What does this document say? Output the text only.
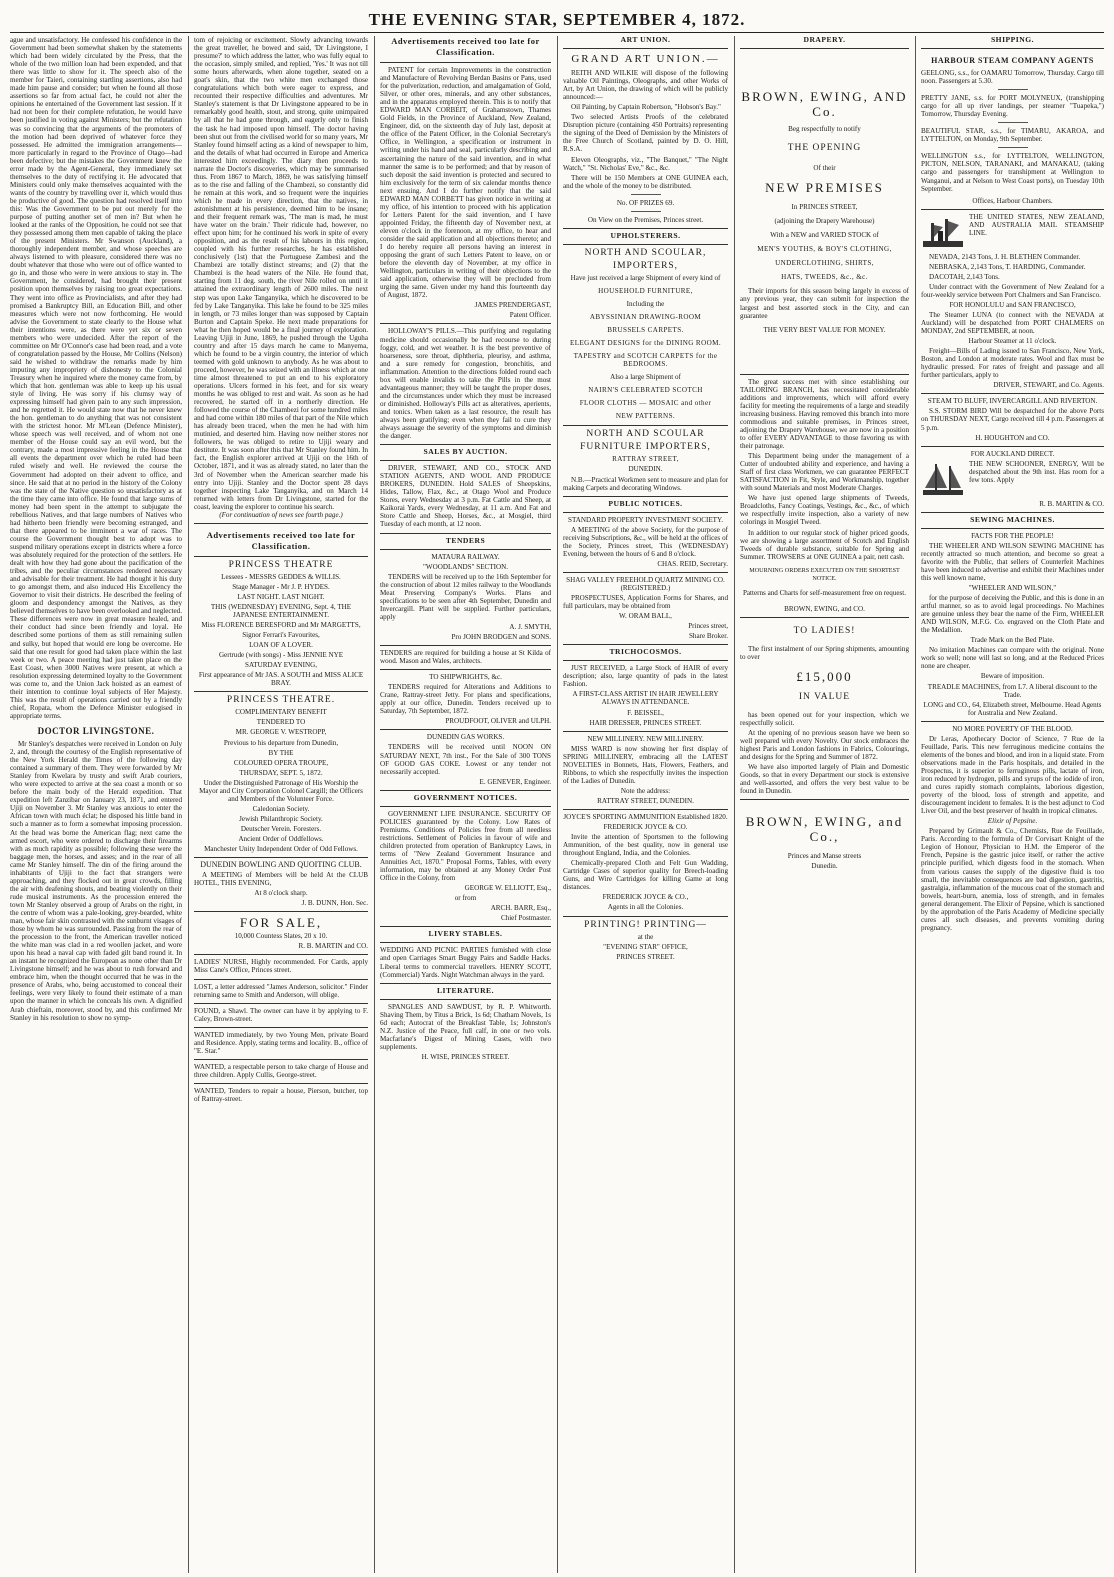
THE EVENING STAR, SEPTEMBER 4, 1872.

ague and unsatisfactory. He confessed his confidence in the Government had been somewhat shaken by the statements which had been widely circulated by the Press, that the whole of the two million loan had been expended, and that there was little to show for it. The speech also of the member for Taieri, containing startling assertions, also had made him pause and consider; but when he found all those assertions so far from actual fact, he could not alter the opinions he entertained of the Government last session. If it had not been for their complete refutation, he would have been justified in voting against Ministers; but the refutation was so convincing that the arguments of the promoters of the motion had been deprived of whatever force they possessed. He admitted the immigration arrangements—more particularly in regard to the Province of Otago—had been defective; but the mistakes the Government knew the error made by the Agent-General, they immediately set themselves to the duty of rectifying it. He advocated that Ministers could only make themselves acquainted with the wants of the country by travelling over it, which would thus be productive of good. The question had resolved itself into this: Was the Government to be put out merely for the purpose of putting another set of men in? But when he looked at the ranks of the Opposition, he could not see that they possessed among them men capable of taking the place of the present Ministers. Mr Swanson (Auckland), a thoroughly independent member, and whose speeches are always listened to with pleasure, considered there was no doubt whatever that those who were out of office wanted to go in, and those who were in were anxious to stay in. The Government, he considered, had brought their present position upon themselves by raising too great expectations. They went into office as Provincialists, and after they had promised a Bankruptcy Bill, an Education Bill, and other measures which were not now forthcoming. He would advise the Government to state clearly to the House what their intentions were, as there were yet six or seven members who were undecided. After the report of the committee on Mr O'Connor's case had been read, and a vote of congratulation passed by the House, Mr Collins (Nelson) said he wished to withdraw the remarks made by him imputing any impropriety of dishonesty to the Colonial Treasury when he inquired where the money came from, by which that hon. gentleman was able to keep up his usual style of living. He was sorry if his clumsy way of expressing himself had given pain to any such impression, and he regretted it. He would state now that he never knew the hon. gentleman to do anything that was not consistent with the strictest honor. Mr M'Lean (Defence Minister), whose speech was well received, and of whom not one member of the House could say an evil word, but the contrary, made a most impressive feeling in the House that all events the department over which he ruled had been ruled wisely and well. He reviewed the course the Government had adopted on their advent to office, and since. He said that at no period in the history of the Colony was the state of the Native question so unsatisfactory as at the time they came into office. He found that large sums of money had been spent in the attempt to subjugate the rebellious Natives, and that large numbers of Natives who had hitherto been friendly were becoming estranged, and that there appeared to be imminent a war of races. The course the Government thought best to adopt was to suspend military operations except in districts where a force was absolutely required for the protection of the settlers. He dealt with how they had gone about the pacification of the tribes, and the peculiar circumstances rendered necessary and advisable for their treatment. He had thought it his duty to go amongst them, and also induced His Excellency the Governor to visit their districts. He described the feeling of gloom and despondency amongst the Natives, as they believed themselves to have been overlooked and neglected. These differences were now in great measure healed, and their conduct had since been friendly and loyal. He described some portions of them as still remaining sullen and sulky, but hoped that would ere long be overcome. He said that one result for good had taken place within the last week or two. A peace meeting had just taken place on the East Coast, when 3000 Natives were present, at which a resolution expressing determined loyalty to the Government was come to, and the Union Jack hoisted as an earnest of their intention to continue loyal subjects of Her Majesty. This was the result of operations carried out by a friendly chief, Ropata, whom the Defence Minister eulogised in appropriate terms.

DOCTOR LIVINGSTONE.

Mr Stanley's despatches were received in London on July 2, and, through the courtesy of the English representative of the New York Herald the Times of the following day contained a summary of them. They were forwarded by Mr Stanley from Kwelara by trusty and swift Arab couriers, who were expected to arrive at the sea coast a month or so before the main body of the Herald expedition. That expedition left Zanzibar on January 23, 1871, and entered Ujiji on November 3. Mr Stanley was anxious to enter the African town with much éclat; he disposed his little band in such a manner as to form a somewhat imposing procession. At the head was borne the American flag; next came the armed escort, who were ordered to discharge their firearms with as much rapidity as possible; following these were the baggage men, the horses, and asses; and in the rear of all came Mr Stanley himself. The din of the firing around the inhabitants of Ujiji to the fact that strangers were approaching, and they flocked out in great crowds, filling the air with deafening shouts, and beating violently on their rude musical instruments. As the procession entered the town Mr Stanley observed a group of Arabs on the right, in the centre of whom was a pale-looking, grey-bearded, white man, whose fair skin contrasted with the sunburnt visages of those by whom he was surrounded. Passing from the rear of the procession to the front, the American traveller noticed the white man was clad in a red woollen jacket, and wore upon his head a naval cap with faded gilt band round it. In an instant he recognized the European as none other than Dr Livingstone himself; and he was about to rush forward and embrace him, when the thought occurred that he was in the presence of Arabs, who, being accustomed to conceal their feelings, were very likely to found their estimate of a man upon the manner in which he conceals his own. A dignified Arab chieftain, moreover, stood by, and this confirmed Mr Stanley in his resolution to show no symp-

tom of rejoicing or excitement. Slowly advancing towards the great traveller, he bowed and said, 'Dr Livingstone, I presume?' to which address the latter, who was fully equal to the occasion, simply smiled, and replied, 'Yes.' It was not till some hours afterwards, when alone together, seated on a goat's skin, that the two white men exchanged those congratulations which both were eager to express, and recounted their respective difficulties and adventures. Mr Stanley's statement is that Dr Livingstone appeared to be in remarkably good health, stout, and strong, quite unimpaired by all that he had gone through, and eagerly only to finish the task he had imposed upon himself. The doctor having been shut out from the civilised world for so many years, Mr Stanley found himself acting as a kind of newspaper to him, and the details of what had occurred in Europe and America interested him exceedingly. The diary then proceeds to narrate the Doctor's discoveries, which may be summarised thus. From 1867 to March, 1869, he was satisfying himself as to the rise and falling of the Chambezi, so constantly did he remain at this work, and so frequent were the inquiries which he made in every direction, that the natives, in astonishment at his persistence, deemed him to be insane; and their frequent remark was, 'The man is mad, he must have water on the brain.' Their ridicule had, however, no effect upon him; for he continued his work in spite of every opposition, and as the result of his labours in this region, coupled with his further researches, he has established conclusively (1st) that the Portuguese Zambesi and the Chambezi are totally distinct streams; and (2) that the Chambezi is the head waters of the Nile. He found that, starting from 11 deg. south, the river Nile rolled on until it attained the extraordinary length of 2600 miles. The next step was upon Lake Tanganyika, which he discovered to be fed by Lake Tanganyika. This lake he found to be 325 miles in length, or 73 miles longer than was supposed by Captain Burton and Captain Speke. He next made preparations for what he then hoped would be a final journey of exploration. Leaving Ujiji in June, 1869, he pushed through the Uguha country and after 15 days march he came to Manyema, which he found to be a virgin country, the interior of which teemed with gold unknown to anybody. As he was about to proceed, however, he was seized with an illness which at one time almost threatened to put an end to his exploratory operations. Ulcers formed in his feet, and for six weary months he was obliged to rest and wait. As soon as he had recovered, he started off in a northerly direction. He followed the course of the Chambezi for some hundred miles and had come within 180 miles of that part of the Nile which has already been traced, when the men he had with him mutinied, and deserted him. Having now neither stores nor followers, he was obliged to retire to Ujiji weary and destitute. It was soon after this that Mr Stanley found him. In fact, the English explorer arrived at Ujiji on the 16th of October, 1871, and it was as already stated, no later than the 3rd of November when the American searcher made his entry into Ujiji. Stanley and the Doctor spent 28 days together inspecting Lake Tanganyika, and on March 14 returned with letters from Dr Livingstone, started for the coast, leaving the explorer to continue his search.

(For continuation of news see fourth page.)
Advertisements received too late for Classification.

PRINCESS THEATRE

Lessees - MESSRS GEDDES & WILLIS.

Stage Manager - Mr J. P. HYDES.

LAST NIGHT. LAST NIGHT.

THIS (WEDNESDAY) EVENING, Sept. 4, THE JAPANESE ENTERTAINMENT.

Miss FLORENCE BERESFORD and Mr MARGETTS,

Signor Ferrari's Favourites,

LOAN OF A LOVER.

Gertrude (with songs) - Miss JENNIE NYE

SATURDAY EVENING,

First appearance of Mr JAS. A SOUTH and MISS ALICE BRAY.

PRINCESS THEATRE.

COMPLIMENTARY BENEFIT

TENDERED TO

MR. GEORGE V. WESTROPP,

Previous to his departure from Dunedin,

BY THE

COLOURED OPERA TROUPE,

THURSDAY, SEPT. 5, 1872.

Under the Distinguished Patronage of His Worship the Mayor and City Corporation Colonel Cargill; the Officers and Members of the Volunteer Force.

Caledonian Society.

Jewish Philanthropic Society.

Deutscher Verein. Foresters.

Ancient Order of Oddfellows.

Manchester Unity Independent Order of Odd Fellows.

DUNEDIN BOWLING AND QUOITING CLUB.

A MEETING of Members will be held At the CLUB HOTEL, THIS EVENING,

At 8 o'clock sharp.

J. B. DUNN, Hon. Sec.

FOR SALE,

10,000 Countess Slates, 20 x 10.

R. B. MARTIN and CO.

LADIES' NURSE, Highly recommended. For Cards, apply Miss Cane's Office, Princes street.
LOST, a letter addressed "James Anderson, solicitor." Finder returning same to Smith and Anderson, will oblige.
FOUND, a Shawl. The owner can have it by applying to F. Caley, Brown-street.
WANTED immediately, by two Young Men, private Board and Residence. Apply, stating terms and locality. B., office of "E. Star."
WANTED, a respectable person to take charge of House and three children. Apply Cullis, George-street.
WANTED, Tenders to repair a house, Pierson, butcher, top of Rattray-street.
Advertisements received too late for Classification.

PATENT for certain Improvements in the construction and Manufacture of Revolving Berdan Basins or Pans, used for the pulverization, reduction, and amalgamation of Gold, Silver, or other ores, minerals, and any other substances, and in the apparatus employed therein. This is to notify that EDWARD MAN CORBEIT, of Grahamstown, Thames Gold Fields, in the Province of Auckland, New Zealand, Engineer, did, on the sixteenth day of July last, deposit at the office of the Patent Officer, in the Colonial Secretary's Office, in Wellington, a specification or instrument in writing under his hand and seal, particularly describing and ascertaining the nature of the said invention, and in what manner the same is to be performed; and that by reason of such deposit the said invention is protected and secured to him exclusively for the term of six calendar months thence next ensuing. And I do further notify that the said EDWARD MAN CORBETT has given notice in writing at my office, of his intention to proceed with his application for Letters Patent for the said invention, and I have appointed Friday, the fifteenth day of November next, at eleven o'clock in the forenoon, at my office, to hear and consider the said application and all objections thereto; and I do hereby require all persons having an interest in opposing the grant of such Letters Patent to leave, on or before the eleventh day of November, at my office in Wellington, particulars in writing of their objections to the said application, otherwise they will be precluded from urging the same. Given under my hand this fourteenth day of August, 1872.

JAMES PRENDERGAST,

Patent Officer.

HOLLOWAY'S PILLS.—This purifying and regulating medicine should occasionally be had recourse to during foggy, cold, and wet weather. It is the best preventive of hoarseness, sore throat, diphtheria, pleurisy, and asthma, and a sure remedy for congestion, bronchitis, and inflammation. Attention to the directions folded round each box will enable invalids to take the Pills in the most advantageous manner; they will be taught the proper doses, and the circumstances under which they must be increased or diminished. Holloway's Pills act as alteratives, aperients, and tonics. When taken as a last resource, the result has always been gratifying; even when they fail to cure they always assuage the severity of the symptoms and diminish the danger.

SALES BY AUCTION.

DRIVER, STEWART, AND CO., STOCK AND STATION AGENTS, AND WOOL AND PRODUCE BROKERS, DUNEDIN. Hold SALES of Sheepskins, Hides, Tallow, Flax, &c., at Otago Wool and Produce Stores, every Wednesday at 3 p.m. Fat Cattle and Sheep, at Kaikorai Yards, every Wednesday, at 11 a.m. And Fat and Store Cattle and Sheep, Horses, &c., at Mosgiel, third Tuesday of each month, at 12 noon.

TENDERS

MATAURA RAILWAY.

"WOODLANDS" SECTION.

TENDERS will be received up to the 16th September for the construction of about 12 miles railway to the Woodlands Meat Preserving Company's Works. Plans and specifications to be seen after 4th September, Dunedin and Invercargill. Plant will be supplied. Further particulars, apply

A. J. SMYTH,

Pro JOHN BRODGEN and SONS.

TENDERS are required for building a house at St Kilda of wood. Mason and Wales, architects.

TO SHIPWRIGHTS, &c.

TENDERS required for Alterations and Additions to Crane, Rattray-street Jetty. For plans and specifications, apply at our office, Dunedin. Tenders received up to Saturday, 7th September, 1872.

PROUDFOOT, OLIVER and ULPH.

DUNEDIN GAS WORKS.

TENDERS will be received until NOON ON SATURDAY NEXT, 7th inst., For the Sale of 300 TONS OF GOOD GAS COKE. Lowest or any tender not necessarily accepted.

E. GENEVER, Engineer.

GOVERNMENT NOTICES.

GOVERNMENT LIFE INSURANCE. SECURITY OF POLICIES guaranteed by the Colony. Low Rates of Premiums. Conditions of Policies free from all needless restrictions. Settlement of Policies in favour of wife and children protected from operation of Bankruptcy Laws, in terms of "New Zealand Government Insurance and Annuities Act, 1870." Proposal Forms, Tables, with every information, may be obtained at any Money Order Post Office in the Colony, from

GEORGE W. ELLIOTT, Esq.,

or from

ARCH. BARR, Esq.,

Chief Postmaster.

LIVERY STABLES.
WEDDING AND PICNIC PARTIES furnished with close and open Carriages Smart Buggy Pairs and Saddle Hacks. Liberal terms to commercial travellers. HENRY SCOTT, (Commercial) Yards. Night Watchman always in the yard.
LITERATURE.

SPANGLES AND SAWDUST, by R. P. Whitworth. Shaving Them, by Titus a Brick, 1s 6d; Chatham Novels, 1s 6d each; Autocrat of the Breakfast Table, 1s; Johnston's N.Z. Justice of the Peace, full calf, in one or two vols. Macfarlane's Digest of Mining Cases, with two supplements.

H. WISE, PRINCES STREET.

ART UNION.

GRAND ART UNION.—

REITH AND WILKIE will dispose of the following valuable Oil Paintings, Oleographs, and other Works of Art, by Art Union, the drawing of which will be publicly announced:—

Oil Painting, by Captain Robertson, "Hobson's Bay."

Two selected Artists Proofs of the celebrated Disruption picture (containing 450 Portraits) representing the signing of the Deed of Demission by the Ministers of the Free Church of Scotland, painted by D. O. Hill, R.S.A.

Eleven Oleographs, viz., "The Banquet," "The Night Watch," "St. Nicholas' Eve," &c., &c.

There will be 150 Members at ONE GUINEA each, and the whole of the money to be distributed.

No. OF PRIZES 69.

On View on the Premises, Princes street.

UPHOLSTERERS.

NORTH AND SCOULAR,

IMPORTERS,

Have just received a large Shipment of every kind of

HOUSEHOLD FURNITURE,

Including the

ABYSSINIAN DRAWING-ROOM

BRUSSELS CARPETS.

ELEGANT DESIGNS for the DINING ROOM.

TAPESTRY and SCOTCH CARPETS for the BEDROOMS.

Also a large Shipment of

NAIRN'S CELEBRATED SCOTCH

FLOOR CLOTHS — MOSAIC and other

NEW PATTERNS.

NORTH AND SCOULAR

FURNITURE IMPORTERS,

RATTRAY STREET,

DUNEDIN.

N.B.—Practical Workmen sent to measure and plan for making Carpets and decorating Windows.

PUBLIC NOTICES.

STANDARD PROPERTY INVESTMENT SOCIETY.

A MEETING of the above Society, for the purpose of receiving Subscriptions, &c., will be held at the offices of the Society, Princes street, This (WEDNESDAY) Evening, between the hours of 6 and 8 o'clock.

CHAS. REID, Secretary.

SHAG VALLEY FREEHOLD QUARTZ MINING CO. (REGISTERED.)

PROSPECTUSES, Application Forms for Shares, and full particulars, may be obtained from

W. ORAM BALL,

Princes street,

Share Broker.

TRICHOCOSMOS.

JUST RECEIVED, a Large Stock of HAIR of every description; also, large quantity of pads in the latest Fashion.

A FIRST-CLASS ARTIST IN HAIR JEWELLERY ALWAYS IN ATTENDANCE.

F. BEISSEL,

HAIR DRESSER, PRINCES STREET.

NEW MILLINERY. NEW MILLINERY.

MISS WARD is now showing her first display of SPRING MILLINERY, embracing all the LATEST NOVELTIES in Bonnets, Hats, Flowers, Feathers, and Ribbons, to which she respectfully invites the inspection of the Ladies of Dunedin.

Note the address:

RATTRAY STREET, DUNEDIN.

JOYCE'S SPORTING AMMUNITION Established 1820.

FREDERICK JOYCE & CO.

Invite the attention of Sportsmen to the following Ammunition, of the best quality, now in general use throughout England, India, and the Colonies.

Chemically-prepared Cloth and Felt Gun Wadding, Cartridge Cases of superior quality for Breech-loading Guns, and Wire Cartridges for killing Game at long distances.

FREDERICK JOYCE & CO.,

Agents in all the Colonies.

PRINTING! PRINTING—

at the

"EVENING STAR" OFFICE,

PRINCES STREET.

DRAPERY.

BROWN, EWING, AND Co.

Beg respectfully to notify

THE OPENING

Of their

NEW PREMISES

In PRINCES STREET,

(adjoining the Drapery Warehouse)

With a NEW and VARIED STOCK of

MEN'S YOUTHS, & BOY'S CLOTHING,

UNDERCLOTHING, SHIRTS,

HATS, TWEEDS, &c., &c.

Their imports for this season being largely in excess of any previous year, they can submit for inspection the largest and best assorted stock in the City, and can guarantee

THE VERY BEST VALUE FOR MONEY.

The great success met with since establishing our TAILORING BRANCH, has necessitated considerable additions and improvements, which will afford every facility for meeting the requirements of a large and steadily increasing business. Having removed this branch into more commodious and suitable premises, in Princes street, adjoining the Drapery Warehouse, we are now in a position to offer EVERY ADVANTAGE to those favoring us with their patronage.

This Department being under the management of a Cutter of undoubted ability and experience, and having a Staff of first class Workmen, we can guarantee PERFECT SATISFACTION in Fit, Style, and Workmanship, together with sound Materials and most Moderate Charges.

We have just opened large shipments of Tweeds, Broadcloths, Fancy Coatings, Vestings, &c., &c., of which we respectfully invite inspection, also a variety of new colorings in Mosgiel Tweed.

In addition to our regular stock of higher priced goods, we are showing a large assortment of Scotch and English Tweeds of durable substance, suitable for Spring and Summer. TROWSERS at ONE GUINEA a pair, nett cash.

MOURNING ORDERS EXECUTED ON THE SHORTEST NOTICE.

Patterns and Charts for self-measurement free on request.

BROWN, EWING, and CO.

TO LADIES!

The first instalment of our Spring shipments, amounting to over

£15,000

IN VALUE

has been opened out for your inspection, which we respectfully solicit.

At the opening of no previous season have we been so well prepared with every Novelty. Our stock embraces the highest Paris and London fashions in Fabrics, Colourings, and designs for the Spring and Summer of 1872.

We have also imported largely of Plain and Domestic Goods, so that in every Department our stock is extensive and well-assorted, and offers the very best value to be found in Dunedin.

BROWN, EWING, and Co.,

Princes and Manse streets

Dunedin.

SHIPPING.
HARBOUR STEAM COMPANY AGENTS
GEELONG, s.s., for OAMARU Tomorrow, Thursday. Cargo till noon. Passengers at 5.30.
PRETTY JANE, s.s. for PORT MOLYNEUX, (transhipping cargo for all up river landings, per steamer "Tuapeka,") Tomorrow, Thursday Evening.
BEAUTIFUL STAR, s.s., for TIMARU, AKAROA, and LYTTELTON, on Monday, 9th September.
WELLINGTON s.s., for LYTTELTON, WELLINGTON, PICTON, NELSON, TARANAKI, and MANAKAU, (taking cargo and passengers for transhipment at Wellington to Wanganui, and at Nelson to West Coast ports), on Tuesday 10th September.
Offices, Harbour Chambers.

THE UNITED STATES, NEW ZEALAND, AND AUSTRALIA MAIL STEAMSHIP LINE.

NEVADA, 2143 Tons, J. H. BLETHEN Commander.

NEBRASKA, 2,143 Tons, T. HARDING, Commander.

DACOTAH, 2,143 Tons.

Under contract with the Government of New Zealand for a four-weekly service between Port Chalmers and San Francisco.

FOR HONOLULU and SAN FRANCISCO,

The Steamer LUNA (to connect with the NEVADA at Auckland) will be despatched from PORT CHALMERS on MONDAY, 2nd SEPTEMBER, at noon.

Harbour Steamer at 11 o'clock.

Freight—Bills of Lading issued to San Francisco, New York, Boston, and London at moderate rates. Wool and flax must be hydraulic pressed. For rates of freight and passage and all further particulars, apply to

DRIVER, STEWART, and Co. Agents.

STEAM TO BLUFF, INVERCARGILL AND RIVERTON.

S.S. STORM BIRD Will be despatched for the above Ports on THURSDAY NEXT, Cargo received till 4 p.m. Passengers at 5 p.m.

H. HOUGHTON and CO.

FOR AUCKLAND DIRECT.

THE NEW SCHOONER, ENERGY, Will be despatched about the 9th inst. Has room for a few tons. Apply

R. B. MARTIN & CO.

SEWING MACHINES.

FACTS FOR THE PEOPLE!

THE WHEELER AND WILSON SEWING MACHINE has recently attracted so much attention, and become so great a favorite with the Public, that sellers of Counterfeit Machines have been induced to advertise and exhibit their Machines under this well known name,

"WHEELER AND WILSON,"

for the purpose of deceiving the Public, and this is done in an artful manner, so as to avoid legal proceedings. No Machines are genuine unless they bear the name of the Firm, WHEELER AND WILSON, M.F.G. Co. engraved on the Cloth Plate and the Medallion.

Trade Mark on the Bed Plate.

No imitation Machines can compare with the original. None work so well; none will last so long, and at the Reduced Prices none are cheaper.

Beware of imposition.

TREADLE MACHINES, from L7. A liberal discount to the Trade.

LONG and CO., 64, Elizabeth street, Melbourne. Head Agents for Australia and New Zealand.

NO MORE POVERTY OF THE BLOOD.

Dr Leras, Apothecary Doctor of Science, 7 Rue de la Feuillade, Paris. This new ferruginous medicine contains the elements of the bones and blood, and iron in a liquid state. From observations made in the Paris hospitals, and detailed in the Prospectus, it is superior to ferruginous pills, lactate of iron, iron reduced by hydrogen, pills and syrups of the iodide of iron, and cures rapidly stomach complaints, laborious digestion, poverty of the blood, loss of strength and appetite, and discouragement incident to females. It is the best adjunct to Cod Liver Oil, and the best preserver of health in tropical climates.

Elixir of Pepsine.

Prepared by Grimault & Co., Chemists, Rue de Feuillade, Paris. According to the formula of Dr Corvisart Knight of the Legion of Honour, Physician to H.M. the Emperor of the French, Pepsine is the gastric juice itself, or rather the active principle purified, which digests food in the stomach. When from various causes the supply of the digestive fluid is too small, the inevitable consequences are bad digestion, gastritis, gastralgia, inflammation of the mucous coat of the stomach and bowels, heart-burn, anemia, loss of strength, and in females general derangement. The Elixir of Pepsine, which is sanctioned by the approbation of the Paris Academy of Medicine specially cures all such diseases, and prevents vomiting during pregnancy.
